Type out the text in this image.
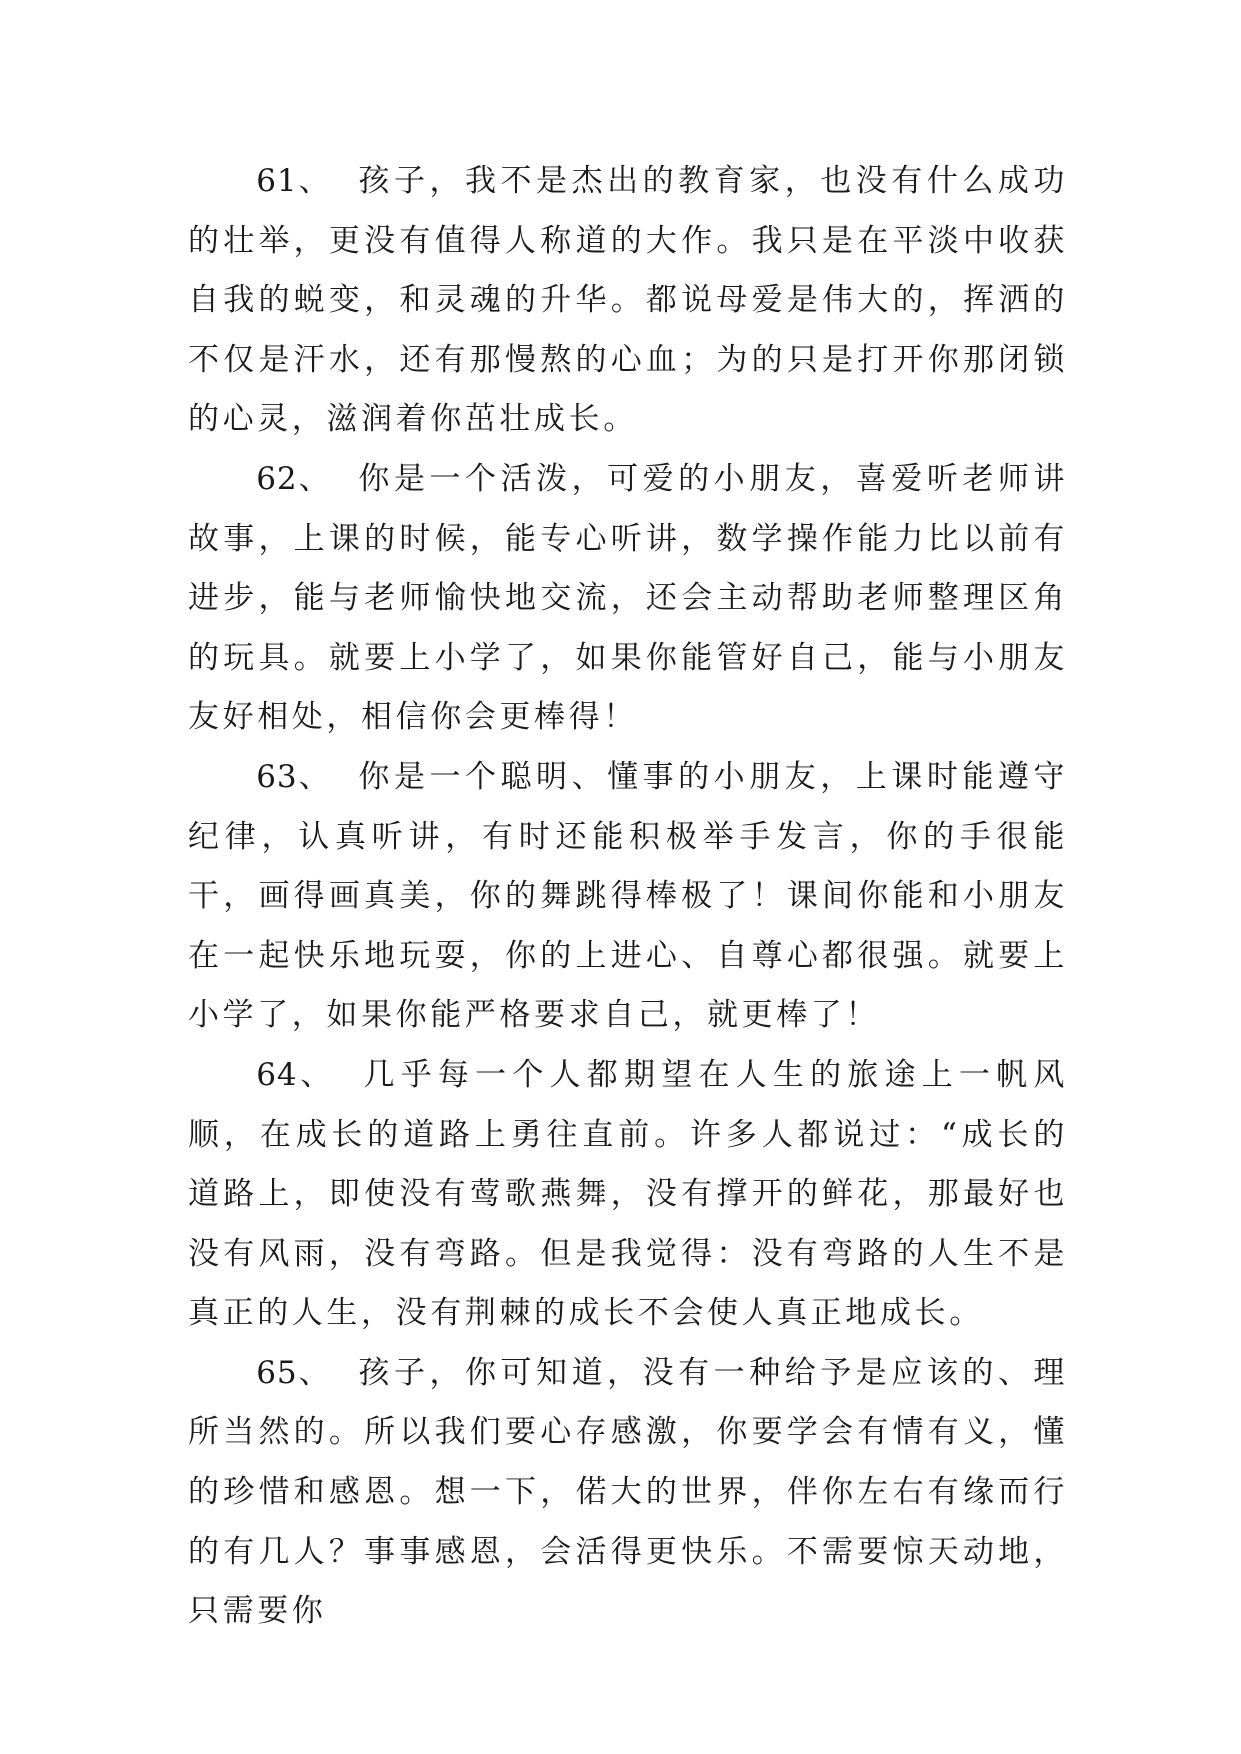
61、 孩子，我不是杰出的教育家，也没有什么成功的壮举，更没有值得人称道的大作。我只是在平淡中收获自我的蜕变，和灵魂的升华。都说母爱是伟大的，挥洒的不仅是汗水，还有那慢熬的心血；为的只是打开你那闭锁的心灵，滋润着你茁壮成长。

62、 你是一个活泼，可爱的小朋友，喜爱听老师讲故事，上课的时候，能专心听讲，数学操作能力比以前有进步，能与老师愉快地交流，还会主动帮助老师整理区角的玩具。就要上小学了，如果你能管好自己，能与小朋友友好相处，相信你会更棒得！

63、 你是一个聪明、懂事的小朋友，上课时能遵守纪律，认真听讲，有时还能积极举手发言，你的手很能干，画得画真美，你的舞跳得棒极了！课间你能和小朋友在一起快乐地玩耍，你的上进心、自尊心都很强。就要上小学了，如果你能严格要求自己，就更棒了！

64、 几乎每一个人都期望在人生的旅途上一帆风顺，在成长的道路上勇往直前。许多人都说过：“成长的道路上，即使没有莺歌燕舞，没有撑开的鲜花，那最好也没有风雨，没有弯路。但是我觉得：没有弯路的人生不是真正的人生，没有荆棘的成长不会使人真正地成长。

65、 孩子，你可知道，没有一种给予是应该的、理所当然的。所以我们要心存感激，你要学会有情有义，懂的珍惜和感恩。想一下，偌大的世界，伴你左右有缘而行的有几人？事事感恩，会活得更快乐。不需要惊天动地，只需要你
